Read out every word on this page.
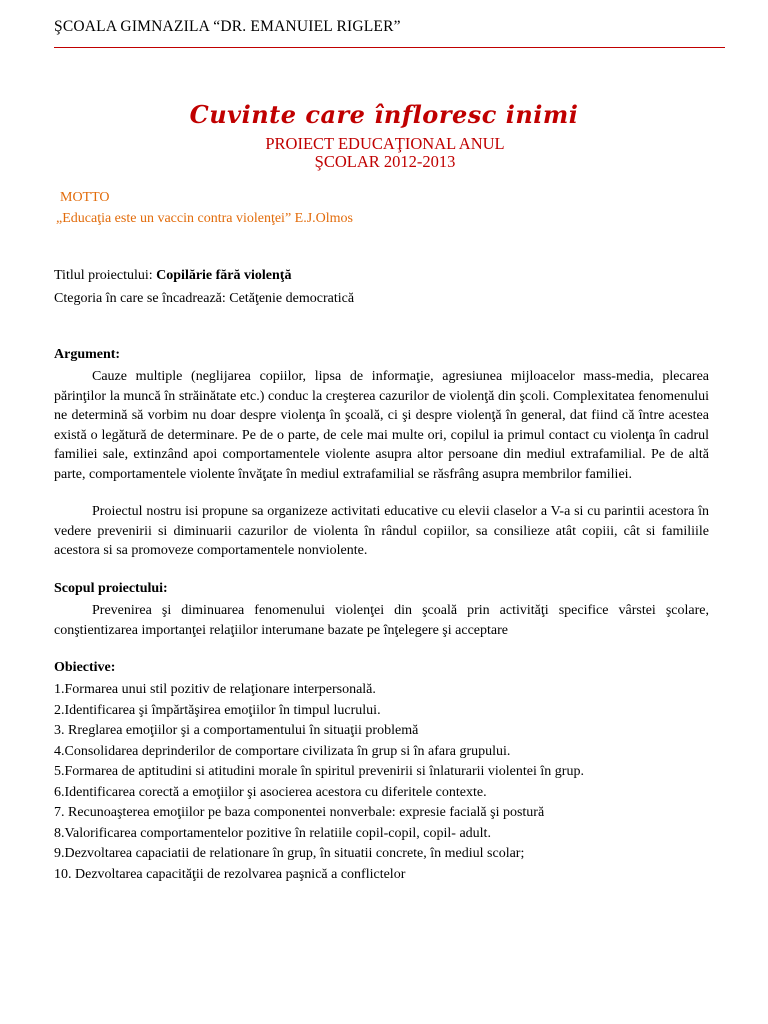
ŞCOALA GIMNAZILA “DR. EMANUIEL RIGLER”
Cuvinte care înfloresc inimi
PROIECT EDUCAŢIONAL ANUL
ŞCOLAR 2012-2013
MOTTO
„Educaţia este un vaccin contra violenţei” E.J.Olmos
Titlul proiectului: Copilărie fără violenţă
Ctegoria în care se încadrează: Cetăţenie democratică
Argument:
Cauze multiple (neglijarea copiilor, lipsa de informaţie, agresiunea mijloacelor mass-media, plecarea părinţilor la muncă în străinătate etc.) conduc la creşterea cazurilor de violenţă din şcoli. Complexitatea fenomenului ne determină să vorbim nu doar despre violenţa în şcoală, ci şi despre violenţă în general, dat fiind că între acestea există o legătură de determinare. Pe de o parte, de cele mai multe ori, copilul ia primul contact cu violenţa în cadrul familiei sale, extinzând apoi comportamentele violente asupra altor persoane din mediul extrafamilial. Pe de altă parte, comportamentele violente învăţate în mediul extrafamilial se răsfrâng asupra membrilor familiei.
Proiectul nostru isi propune sa organizeze activitati educative cu elevii claselor a V-a si cu parintii acestora în vedere prevenirii si diminuarii cazurilor de violenta în rândul copiilor, sa consilieze atât copiii, cât si familiile acestora si sa promoveze comportamentele nonviolente.
Scopul proiectului:
Prevenirea şi diminuarea fenomenului violenţei din şcoală prin activităţi specifice vârstei şcolare, conştientizarea importanţei relaţiilor interumane bazate pe înţelegere şi acceptare
Obiective:
1.Formarea unui stil pozitiv de relaţionare interpersonală.
2.Identificarea şi împărtăşirea emoţiilor în timpul lucrului.
3. Rreglarea emoţiilor şi a comportamentului în situaţii problemă
4.Consolidarea deprinderilor de comportare civilizata în grup si în afara grupului.
5.Formarea de aptitudini si atitudini morale în spiritul prevenirii si înlaturarii violentei în grup.
6.Identificarea corectă a emoţiilor şi asocierea acestora cu diferitele contexte.
7. Recunoaşterea emoţiilor pe baza componentei nonverbale: expresie facială şi postură
8.Valorificarea comportamentelor pozitive în relatiile copil-copil, copil- adult.
9.Dezvoltarea capaciatii de relationare în grup, în situatii concrete, în mediul scolar;
10. Dezvoltarea capacităţii de rezolvarea paşnică a conflictelor
